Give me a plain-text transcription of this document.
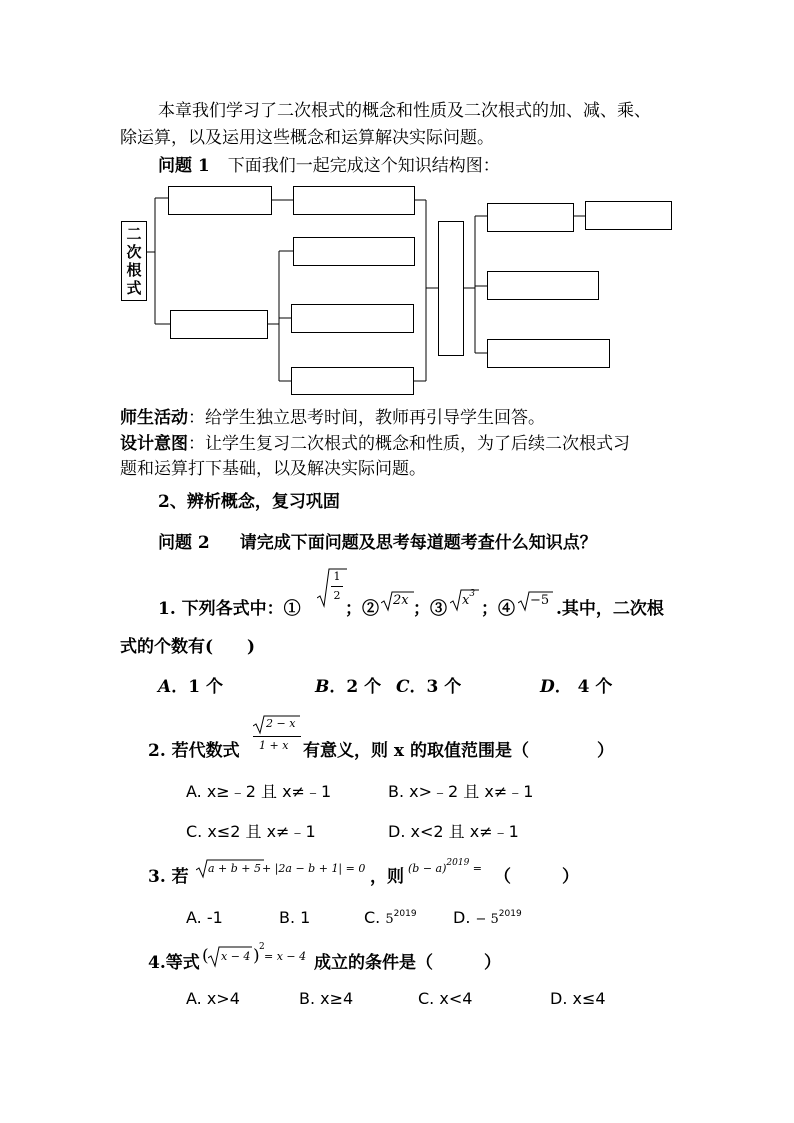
本章我们学习了二次根式的概念和性质及二次根式的加、减、乘、
除运算，以及运用这些概念和运算解决实际问题。
问题 1 下面我们一起完成这个知识结构图：
二
次
根
式
师生活动：给学生独立思考时间，教师再引导学生回答。
设计意图：让学生复习二次根式的概念和性质，为了后续二次根式习
题和运算打下基础，以及解决实际问题。
2、辨析概念，复习巩固
问题 2 请完成下面问题及思考每道题考查什么知识点？
1. 下列各式中：①
1
2
；② 2x ；③ $x^3$
；④ −5 .其中，二次根
式的个数有(　　)
A．1 个	B．2 个 C．3 个	D． 4 个
2. 若代数式
2 − x
1 + x 有意义，则 x 的取值范围是（　　　　）
A. x≥﹣2 且 x≠﹣1	B. x>﹣2 且 x≠﹣1
C. x≤2 且 x≠﹣1	D. x<2 且 x≠﹣1
3. 若 a + b + 5 + |2a − b + 1| = 0 ，则 $(b - a)^{2019}$ = （　　　）
A. -1	B. 1	C. $5^{2019}$ D. − $5^{2019}$
4.等式 ( x − 4 ) 2
= x − 4 成立的条件是（　　　）
A. x>4	B. x≥4	C. x<4	D. x≤4
